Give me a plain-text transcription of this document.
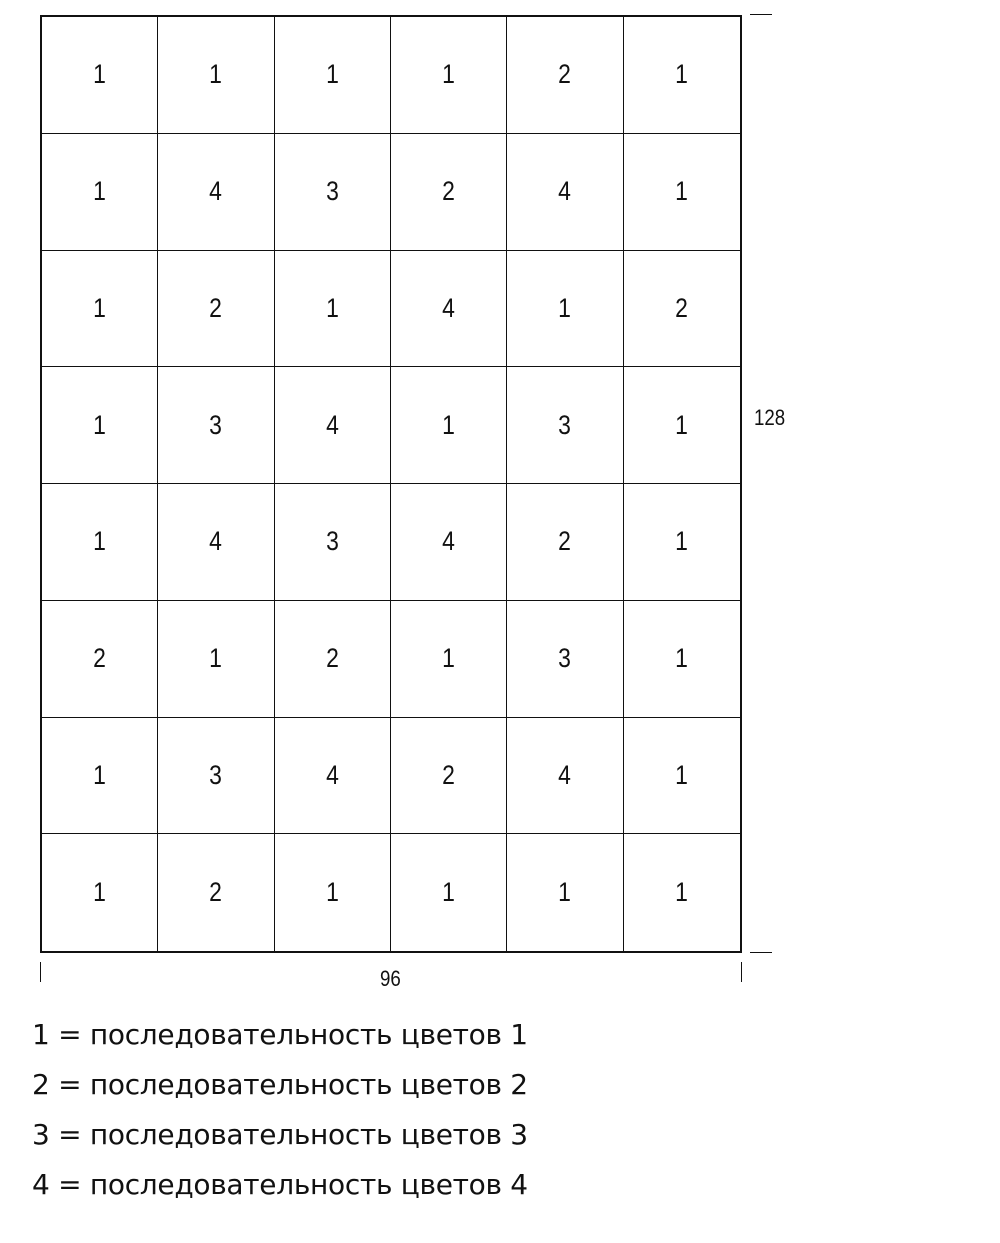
1	1	1	1	2	1
1	4	3	2	4	1
1	2	1	4	1	2
1	3	4	1	3	1
1	4	3	4	2	1
2	1	2	1	3	1
1	3	4	2	4	1
1	2	1	1	1	1
128
96
1 = последовательность цветов 1
2 = последовательность цветов 2
3 = последовательность цветов 3
4 = последовательность цветов 4
